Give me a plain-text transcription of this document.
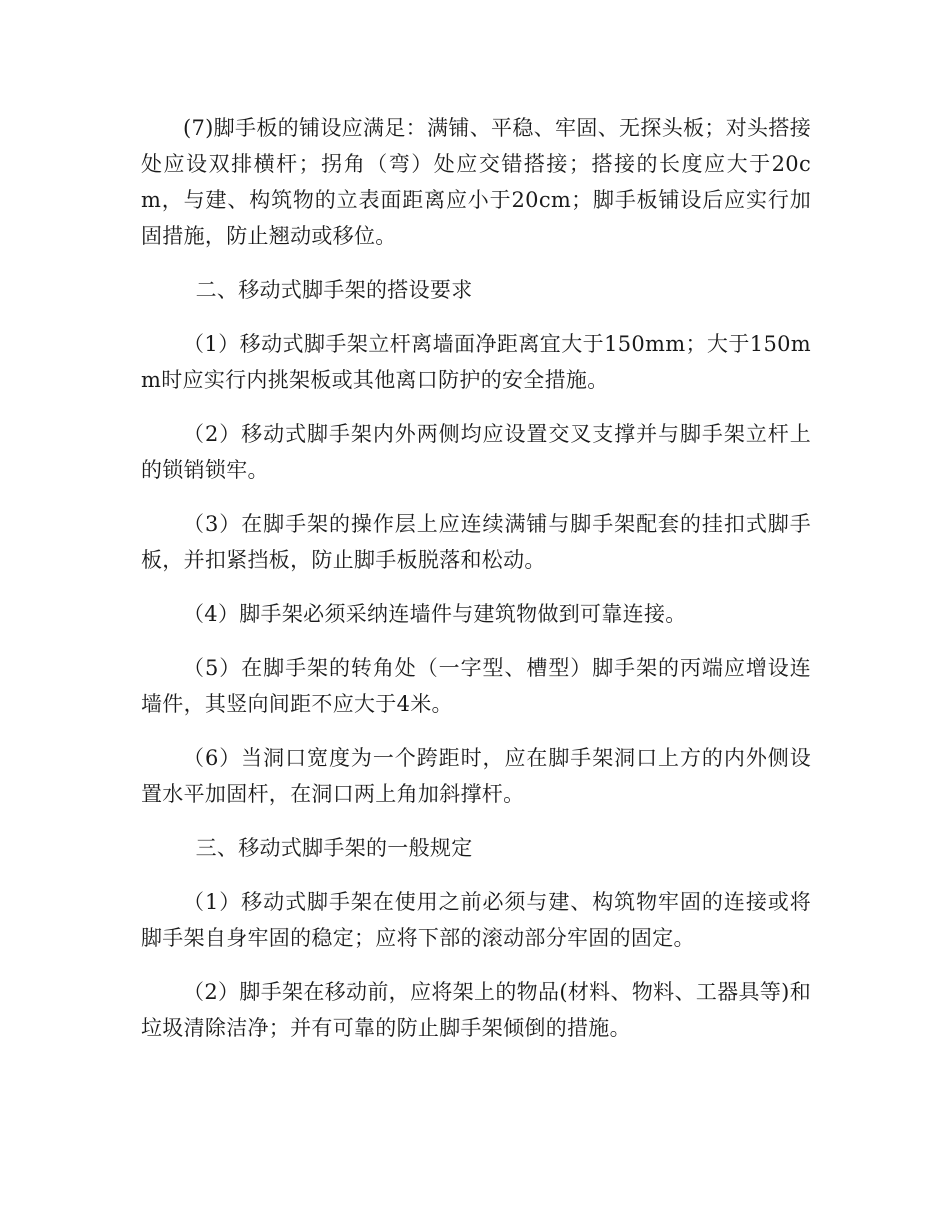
(7)脚手板的铺设应满足：满铺、平稳、牢固、无探头板；对头搭接处应设双排横杆；拐角（弯）处应交错搭接；搭接的长度应大于20cm，与建、构筑物的立表面距离应小于20cm；脚手板铺设后应实行加固措施，防止翘动或移位。

二、移动式脚手架的搭设要求

（1）移动式脚手架立杆离墙面净距离宜大于150mm；大于150mm时应实行内挑架板或其他离口防护的安全措施。

（2）移动式脚手架内外两侧均应设置交叉支撑并与脚手架立杆上的锁销锁牢。

（3）在脚手架的操作层上应连续满铺与脚手架配套的挂扣式脚手板，并扣紧挡板，防止脚手板脱落和松动。

（4）脚手架必须采纳连墙件与建筑物做到可靠连接。

（5）在脚手架的转角处（一字型、槽型）脚手架的丙端应增设连墙件，其竖向间距不应大于4米。

（6）当洞口宽度为一个跨距时，应在脚手架洞口上方的内外侧设置水平加固杆，在洞口两上角加斜撑杆。

三、移动式脚手架的一般规定

（1）移动式脚手架在使用之前必须与建、构筑物牢固的连接或将脚手架自身牢固的稳定；应将下部的滚动部分牢固的固定。

（2）脚手架在移动前，应将架上的物品(材料、物料、工器具等)和垃圾清除洁净；并有可靠的防止脚手架倾倒的措施。
